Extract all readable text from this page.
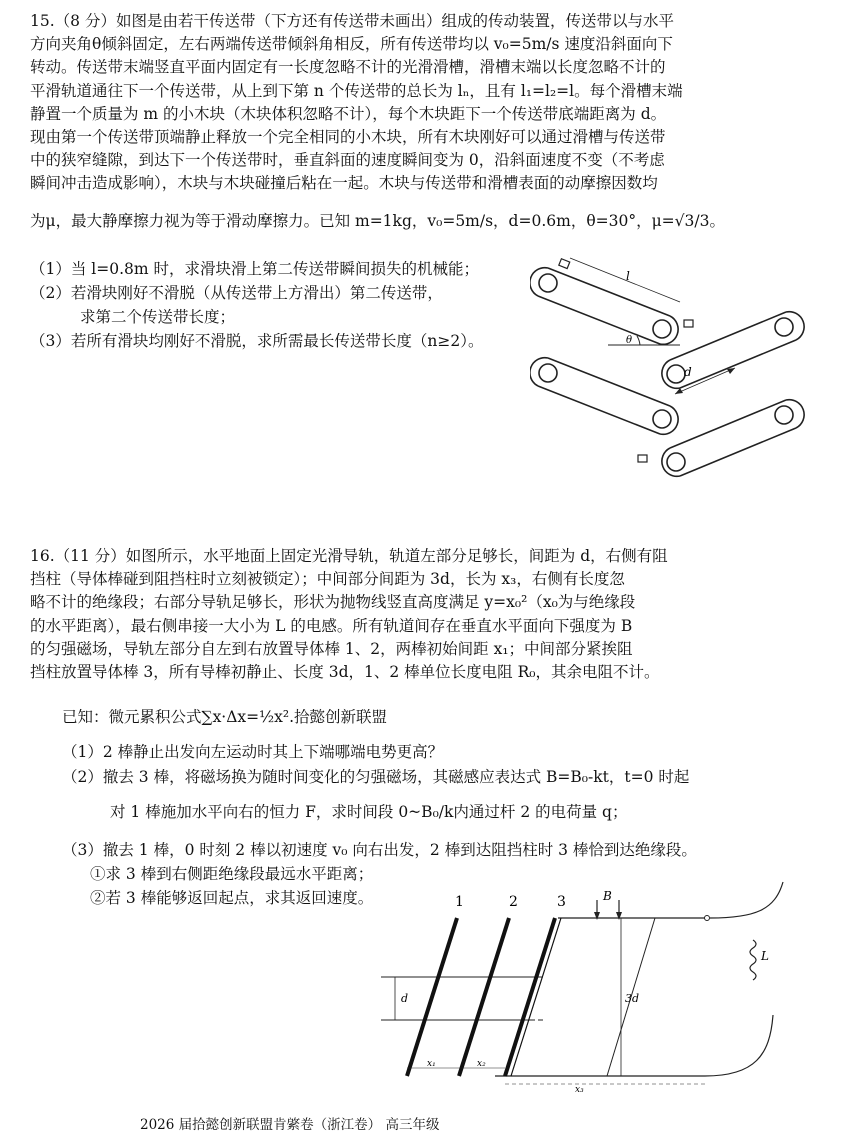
15.（8 分）如图是由若干传送带（下方还有传送带未画出）组成的传动装置，传送带以与水平
方向夹角θ倾斜固定，左右两端传送带倾斜角相反，所有传送带均以 v₀=5m/s 速度沿斜面向下
转动。传送带末端竖直平面内固定有一长度忽略不计的光滑滑槽，滑槽末端以长度忽略不计的
平滑轨道通往下一个传送带，从上到下第 n 个传送带的总长为 lₙ，且有 l₁=l₂=l。每个滑槽末端
静置一个质量为 m 的小木块（木块体积忽略不计），每个木块距下一个传送带底端距离为 d。
现由第一个传送带顶端静止释放一个完全相同的小木块，所有木块刚好可以通过滑槽与传送带
中的狭窄缝隙，到达下一个传送带时，垂直斜面的速度瞬间变为 0，沿斜面速度不变（不考虑
瞬间冲击造成影响），木块与木块碰撞后粘在一起。木块与传送带和滑槽表面的动摩擦因数均
为μ，最大静摩擦力视为等于滑动摩擦力。已知 m=1kg，v₀=5m/s，d=0.6m，θ=30°，μ=√3/3。
（1）当 l=0.8m 时，求滑块滑上第二传送带瞬间损失的机械能；
（2）若滑块刚好不滑脱（从传送带上方滑出）第二传送带，
求第二个传送带长度；
（3）若所有滑块均刚好不滑脱，求所需最长传送带长度（n≥2）。	θ
l
d
16.（11 分）如图所示，水平地面上固定光滑导轨，轨道左部分足够长，间距为 d，右侧有阻
挡柱（导体棒碰到阻挡柱时立刻被锁定）；中间部分间距为 3d，长为 x₃，右侧有长度忽
略不计的绝缘段；右部分导轨足够长，形状为抛物线竖直高度满足 y=x₀²（x₀为与绝缘段
的水平距离），最右侧串接一大小为 L 的电感。所有轨道间存在垂直水平面向下强度为 B
的匀强磁场，导轨左部分自左到右放置导体棒 1、2，两棒初始间距 x₁；中间部分紧挨阻
挡柱放置导体棒 3，所有导棒初静止、长度 3d，1、2 棒单位长度电阻 R₀，其余电阻不计。
已知：微元累积公式∑x·Δx=½x².拾懿创新联盟
（1）2 棒静止出发向左运动时其上下端哪端电势更高？
（2）撤去 3 棒，将磁场换为随时间变化的匀强磁场，其磁感应表达式 B=B₀-kt，t=0 时起
对 1 棒施加水平向右的恒力 F，求时间段 0~B₀/k内通过杆 2 的电荷量 q；
（3）撤去 1 棒，0 时刻 2 棒以初速度 v₀ 向右出发，2 棒到达阻挡柱时 3 棒恰到达绝缘段。
①求 3 棒到右侧距绝缘段最远水平距离；
②若 3 棒能够返回起点，求其返回速度。	1	2	3	B
L
d	3d
x₁	x₂
x₃
2026 届拾懿创新联盟肯綮卷（浙江卷） 高三年级
